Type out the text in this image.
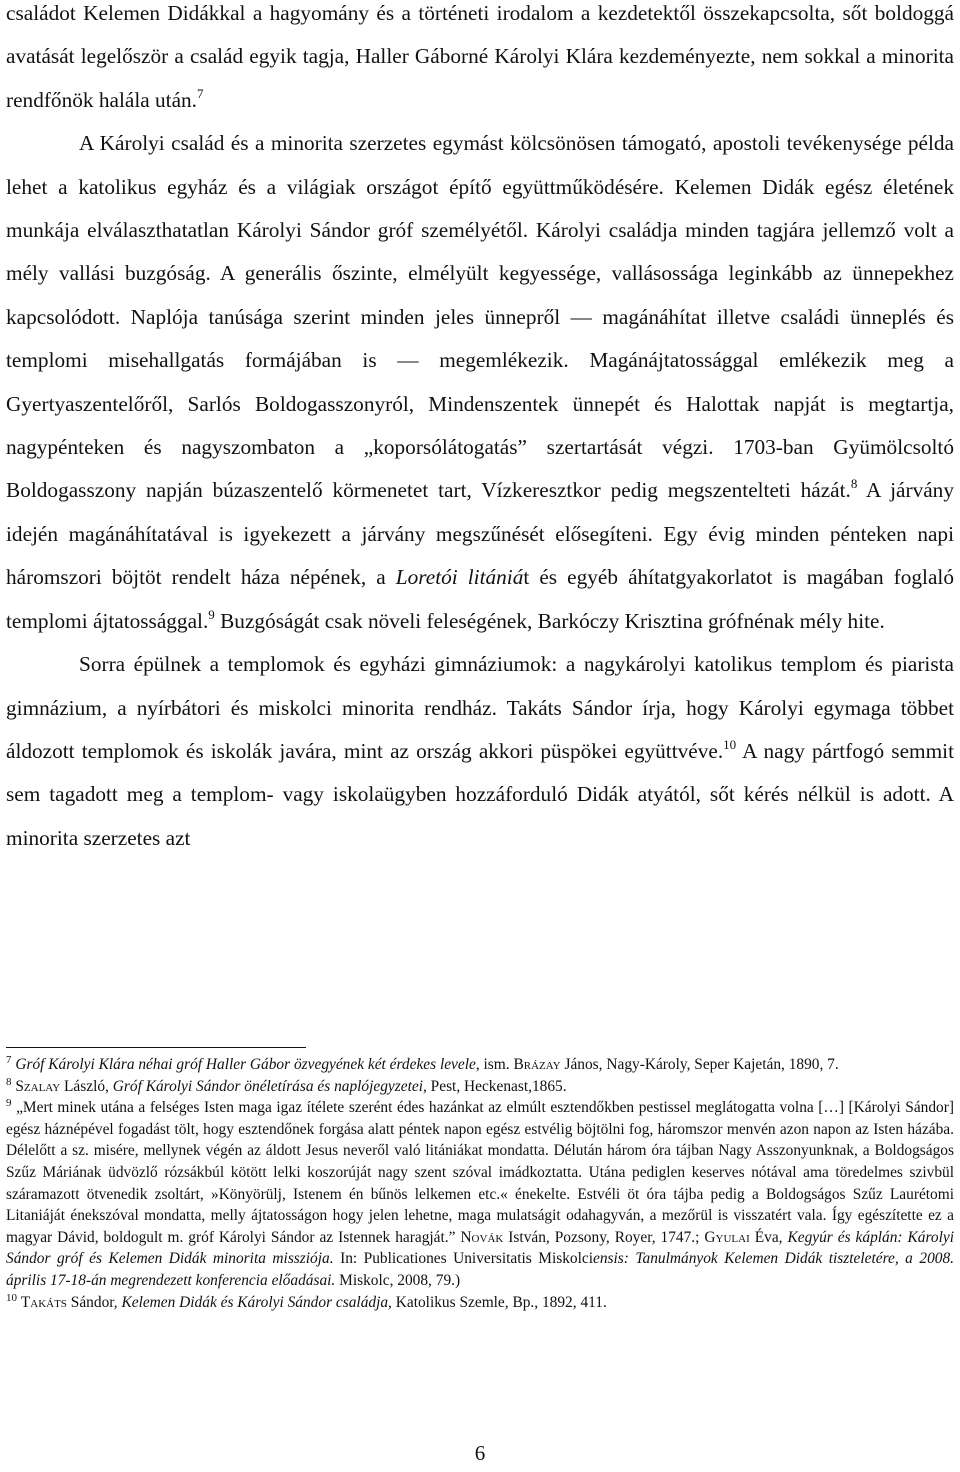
családot Kelemen Didákkal a hagyomány és a történeti irodalom a kezdetektől összekapcsolta, sőt boldoggá avatását legelőször a család egyik tagja, Haller Gáborné Károlyi Klára kezdeményezte, nem sokkal a minorita rendfőnök halála után.$^7$

A Károlyi család és a minorita szerzetes egymást kölcsönösen támogató, apostoli tevékenysége példa lehet a katolikus egyház és a világiak országot építő együttműködésére. Kelemen Didák egész életének munkája elválaszthatatlan Károlyi Sándor gróf személyétől. Károlyi családja minden tagjára jellemző volt a mély vallási buzgóság. A generális őszinte, elmélyült kegyessége, vallásossága leginkább az ünnepekhez kapcsolódott. Naplója tanúsága szerint minden jeles ünnepről — magánáhítat illetve családi ünneplés és templomi misehallgatás formájában is — megemlékezik. Magánájtatossággal emlékezik meg a Gyertyaszentelőről, Sarlós Boldogasszonyról, Mindenszentek ünnepét és Halottak napját is megtartja, nagypénteken és nagyszombaton a „koporsólátogatás” szertartását végzi. 1703-ban Gyümölcsoltó Boldogasszony napján búzaszentelő körmenetet tart, Vízkeresztkor pedig megszentelteti házát.$^8$ A járvány idején magánáhítatával is igyekezett a járvány megszűnését elősegíteni. Egy évig minden pénteken napi háromszori böjtöt rendelt háza népének, a Loretói litániát és egyéb áhítatgyakorlatot is magában foglaló templomi ájtatossággal.$^9$ Buzgóságát csak növeli feleségének, Barkóczy Krisztina grófnénak mély hite.

Sorra épülnek a templomok és egyházi gimnáziumok: a nagykárolyi katolikus templom és piarista gimnázium, a nyírbátori és miskolci minorita rendház. Takáts Sándor írja, hogy Károlyi egymaga többet áldozott templomok és iskolák javára, mint az ország akkori püspökei együttvéve.$^{10}$ A nagy pártfogó semmit sem tagadott meg a templom- vagy iskolaügyben hozzáforduló Didák atyától, sőt kérés nélkül is adott. A minorita szerzetes azt

$^7$ Gróf Károlyi Klára néhai gróf Haller Gábor özvegyének két érdekes levele, ism. Brázay János, Nagy-Károly, Seper Kajetán, 1890, 7.

$^8$ Szalay László, Gróf Károlyi Sándor önéletírása és naplójegyzetei, Pest, Heckenast,1865.

$^9$ „Mert minek utána a felséges Isten maga igaz ítélete szerént édes hazánkat az elmúlt esztendőkben pestissel meglátogatta volna […] [Károlyi Sándor] egész háznépével fogadást tölt, hogy esztendőnek forgása alatt péntek napon egész estvélig böjtölni fog, háromszor menvén azon napon az Isten házába. Délelőtt a sz. misére, mellynek végén az áldott Jesus neveről való litániákat mondatta. Délután három óra tájban Nagy Asszonyunknak, a Boldogságos Szűz Máriának üdvözlő rózsákbúl kötött lelki koszorúját nagy szent szóval imádkoztatta. Utána pediglen keserves nótával ama töredelmes szivbül száramazott ötvenedik zsoltárt, »Könyörülj, Istenem én bűnös lelkemen etc.« énekelte. Estvéli öt óra tájba pedig a Boldogságos Szűz Laurétomi Litaniáját énekszóval mondatta, melly ájtatosságon hogy jelen lehetne, maga mulatságit odahagyván, a mezőrül is visszatért vala. Így egészítette ez a magyar Dávid, boldogult m. gróf Károlyi Sándor az Istennek haragját.” Novák István, Pozsony, Royer, 1747.; Gyulai Éva, Kegyúr és káplán: Károlyi Sándor gróf és Kelemen Didák minorita missziója. In: Publicationes Universitatis Miskolciensis: Tanulmányok Kelemen Didák tiszteletére, a 2008. április 17-18-án megrendezett konferencia előadásai. Miskolc, 2008, 79.)

$^{10}$ Takáts Sándor, Kelemen Didák és Károlyi Sándor családja, Katolikus Szemle, Bp., 1892, 411.

6
